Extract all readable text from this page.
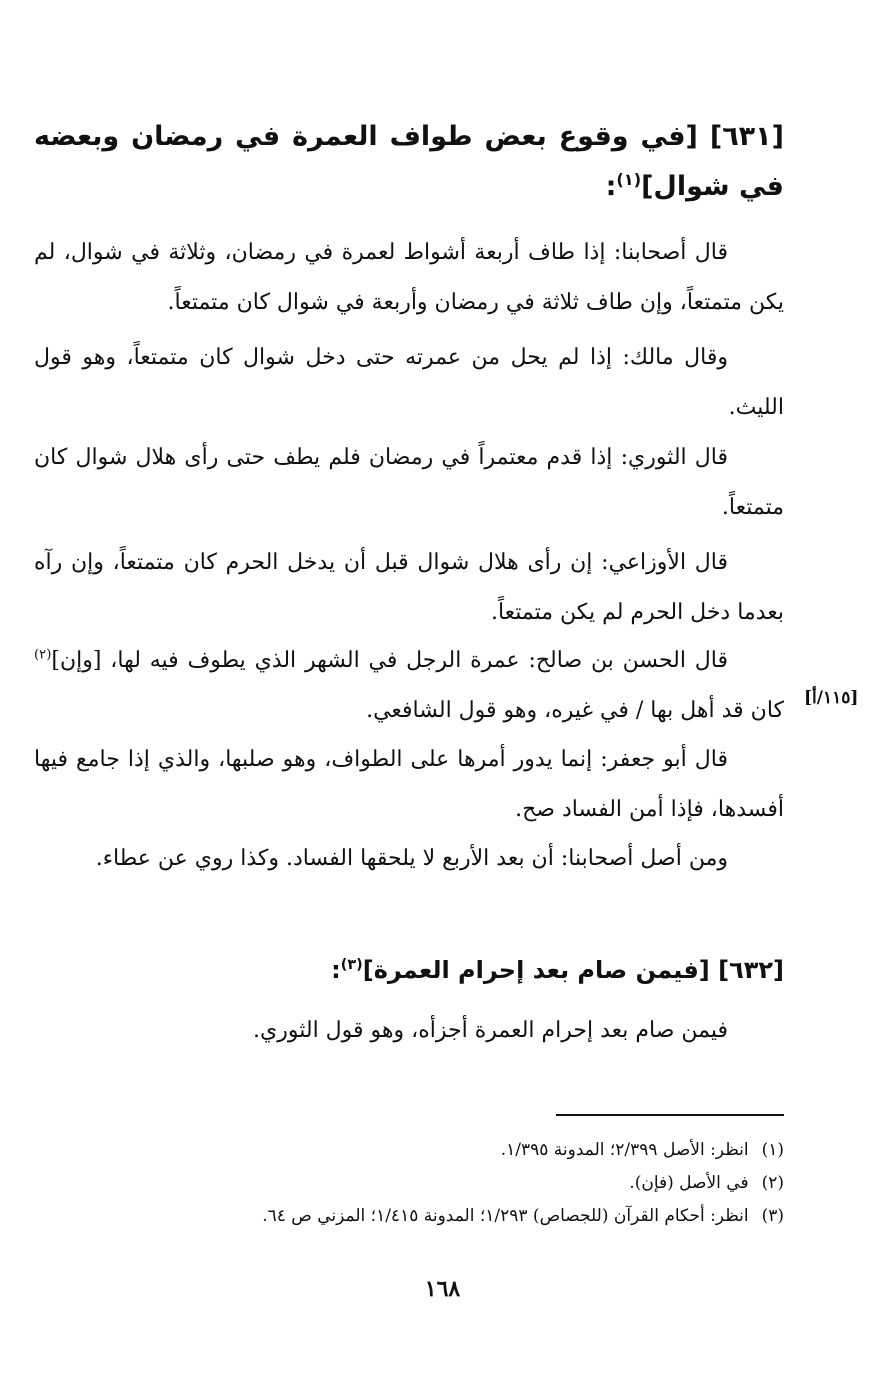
[٦٣١] [في وقوع بعض طواف العمرة في رمضان وبعضه في شوال]$^{(١)}$:
قال أصحابنا: إذا طاف أربعة أشواط لعمرة في رمضان، وثلاثة في شوال، لم يكن متمتعاً، وإن طاف ثلاثة في رمضان وأربعة في شوال كان متمتعاً.
وقال مالك: إذا لم يحل من عمرته حتى دخل شوال كان متمتعاً، وهو قول الليث.
قال الثوري: إذا قدم معتمراً في رمضان فلم يطف حتى رأى هلال شوال كان متمتعاً.
قال الأوزاعي: إن رأى هلال شوال قبل أن يدخل الحرم كان متمتعاً، وإن رآه بعدما دخل الحرم لم يكن متمتعاً.
قال الحسن بن صالح: عمرة الرجل في الشهر الذي يطوف فيه لها، [وإن]$^{(٢)}$ كان قد أهل بها / في غيره، وهو قول الشافعي. [١١٥/أ]
قال أبو جعفر: إنما يدور أمرها على الطواف، وهو صلبها، والذي إذا جامع فيها أفسدها، فإذا أمن الفساد صح.
ومن أصل أصحابنا: أن بعد الأربع لا يلحقها الفساد. وكذا روي عن عطاء.
[٦٣٢] [فيمن صام بعد إحرام العمرة]$^{(٣)}$:
فيمن صام بعد إحرام العمرة أجزأه، وهو قول الثوري.
(١) انظر: الأصل ٢/٣٩٩؛ المدونة ١/٣٩٥.
(٢) في الأصل (فإن).
(٣) انظر: أحكام القرآن (للجصاص) ١/٢٩٣؛ المدونة ١/٤١٥؛ المزني ص ٦٤.
١٦٨
